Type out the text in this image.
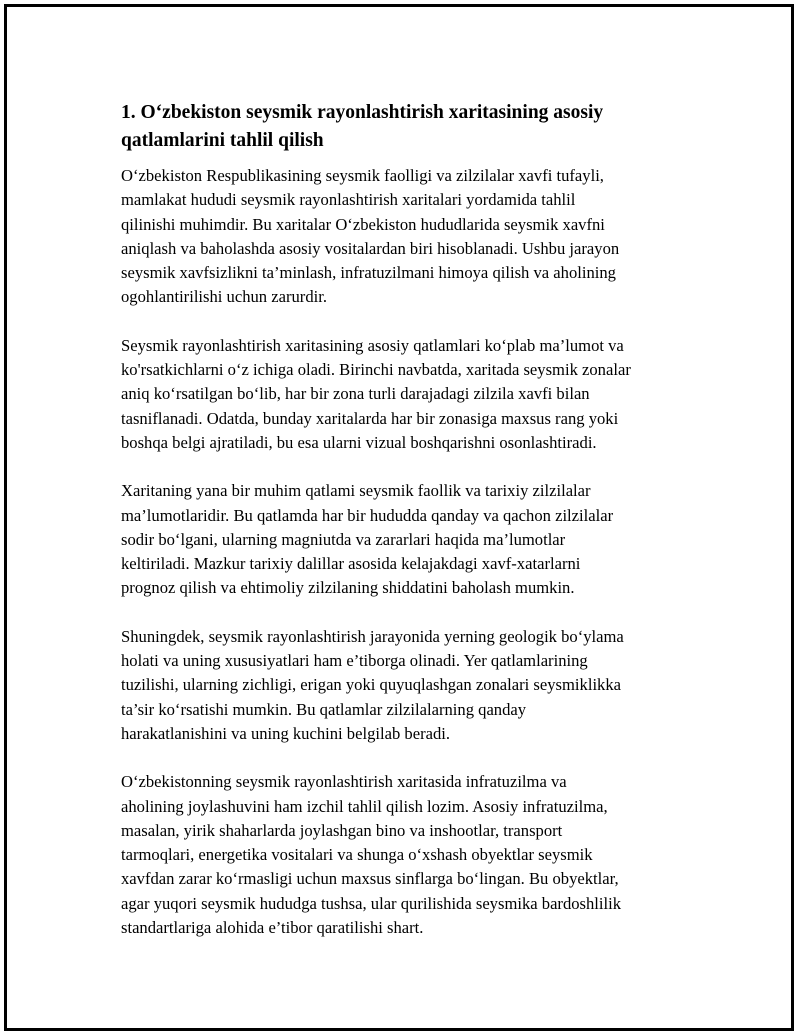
1. O‘zbekiston seysmik rayonlashtirish xaritasining asosiy
qatlamlarini tahlil qilish

O‘zbekiston Respublikasining seysmik faolligi va zilzilalar xavfi tufayli,
mamlakat hududi seysmik rayonlashtirish xaritalari yordamida tahlil
qilinishi muhimdir. Bu xaritalar O‘zbekiston hududlarida seysmik xavfni
aniqlash va baholashda asosiy vositalardan biri hisoblanadi. Ushbu jarayon
seysmik xavfsizlikni ta’minlash, infratuzilmani himoya qilish va aholining
ogohlantirilishi uchun zarurdir.

Seysmik rayonlashtirish xaritasining asosiy qatlamlari ko‘plab ma’lumot va
ko'rsatkichlarni o‘z ichiga oladi. Birinchi navbatda, xaritada seysmik zonalar
aniq ko‘rsatilgan bo‘lib, har bir zona turli darajadagi zilzila xavfi bilan
tasniflanadi. Odatda, bunday xaritalarda har bir zonasiga maxsus rang yoki
boshqa belgi ajratiladi, bu esa ularni vizual boshqarishni osonlashtiradi.

Xaritaning yana bir muhim qatlami seysmik faollik va tarixiy zilzilalar
ma’lumotlaridir. Bu qatlamda har bir hududda qanday va qachon zilzilalar
sodir bo‘lgani, ularning magniutda va zararlari haqida ma’lumotlar
keltiriladi. Mazkur tarixiy dalillar asosida kelajakdagi xavf-xatarlarni
prognoz qilish va ehtimoliy zilzilaning shiddatini baholash mumkin.

Shuningdek, seysmik rayonlashtirish jarayonida yerning geologik bo‘ylama
holati va uning xususiyatlari ham e’tiborga olinadi. Yer qatlamlarining
tuzilishi, ularning zichligi, erigan yoki quyuqlashgan zonalari seysmiklikka
ta’sir ko‘rsatishi mumkin. Bu qatlamlar zilzilalarning qanday
harakatlanishini va uning kuchini belgilab beradi.

O‘zbekistonning seysmik rayonlashtirish xaritasida infratuzilma va
aholining joylashuvini ham izchil tahlil qilish lozim. Asosiy infratuzilma,
masalan, yirik shaharlarda joylashgan bino va inshootlar, transport
tarmoqlari, energetika vositalari va shunga o‘xshash obyektlar seysmik
xavfdan zarar ko‘rmasligi uchun maxsus sinflarga bo‘lingan. Bu obyektlar,
agar yuqori seysmik hududga tushsa, ular qurilishida seysmika bardoshlilik
standartlariga alohida e’tibor qaratilishi shart.
